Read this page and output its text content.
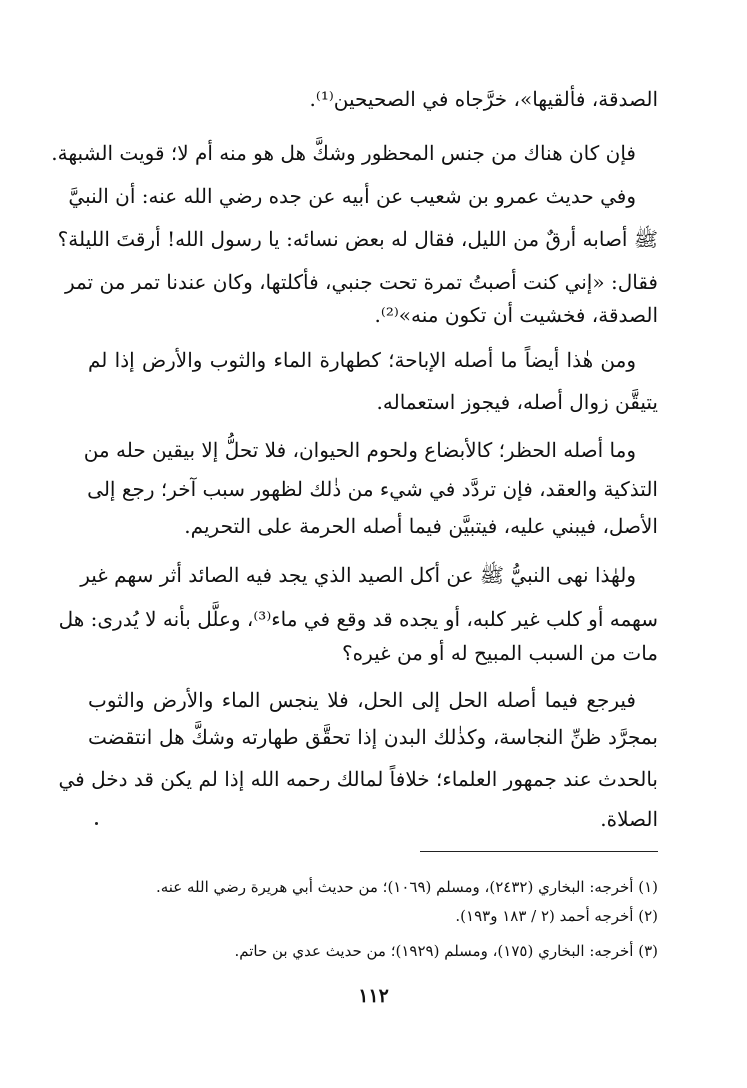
الصدقة، فألقيها»، خرَّجاه في الصحيحين⁽¹⁾.
فإن كان هناك من جنس المحظور وشكَّ هل هو منه أم لا؛ قويت الشبهة.
وفي حديث عمرو بن شعيب عن أبيه عن جده رضي الله عنه: أن النبيَّ
ﷺ أصابه أرقٌ من الليل، فقال له بعض نسائه: يا رسول الله! أرقتَ الليلة؟
فقال: «إني كنت أصبتُ تمرة تحت جنبي، فأكلتها، وكان عندنا تمر من تمر
الصدقة، فخشيت أن تكون منه»⁽²⁾.
ومن هٰذا أيضاً ما أصله الإباحة؛ كطهارة الماء والثوب والأرض إذا لم
يتيقَّن زوال أصله، فيجوز استعماله.
وما أصله الحظر؛ كالأبضاع ولحوم الحيوان، فلا تحلُّ إلا بيقين حله من
التذكية والعقد، فإن تردَّد في شيء من ذٰلك لظهور سبب آخر؛ رجع إلى
الأصل، فيبني عليه، فيتبيَّن فيما أصله الحرمة على التحريم.
ولهٰذا نهى النبيُّ ﷺ عن أكل الصيد الذي يجد فيه الصائد أثر سهم غير
سهمه أو كلب غير كلبه، أو يجده قد وقع في ماء⁽³⁾، وعلَّل بأنه لا يُدرى: هل
مات من السبب المبيح له أو من غيره؟
فيرجع فيما أصله الحل إلى الحل، فلا ينجس الماء والأرض والثوب
بمجرَّد ظنِّ النجاسة، وكذٰلك البدن إذا تحقَّق طهارته وشكَّ هل انتقضت
بالحدث عند جمهور العلماء؛ خلافاً لمالك رحمه الله إذا لم يكن قد دخل في
الصلاة.
(١) أخرجه: البخاري (٢٤٣٢)، ومسلم (١٠٦٩)؛ من حديث أبي هريرة رضي الله عنه.
(٢) أخرجه أحمد (٢ / ١٨٣ و١٩٣).
(٣) أخرجه: البخاري (١٧٥)، ومسلم (١٩٢٩)؛ من حديث عدي بن حاتم.
١١٢
